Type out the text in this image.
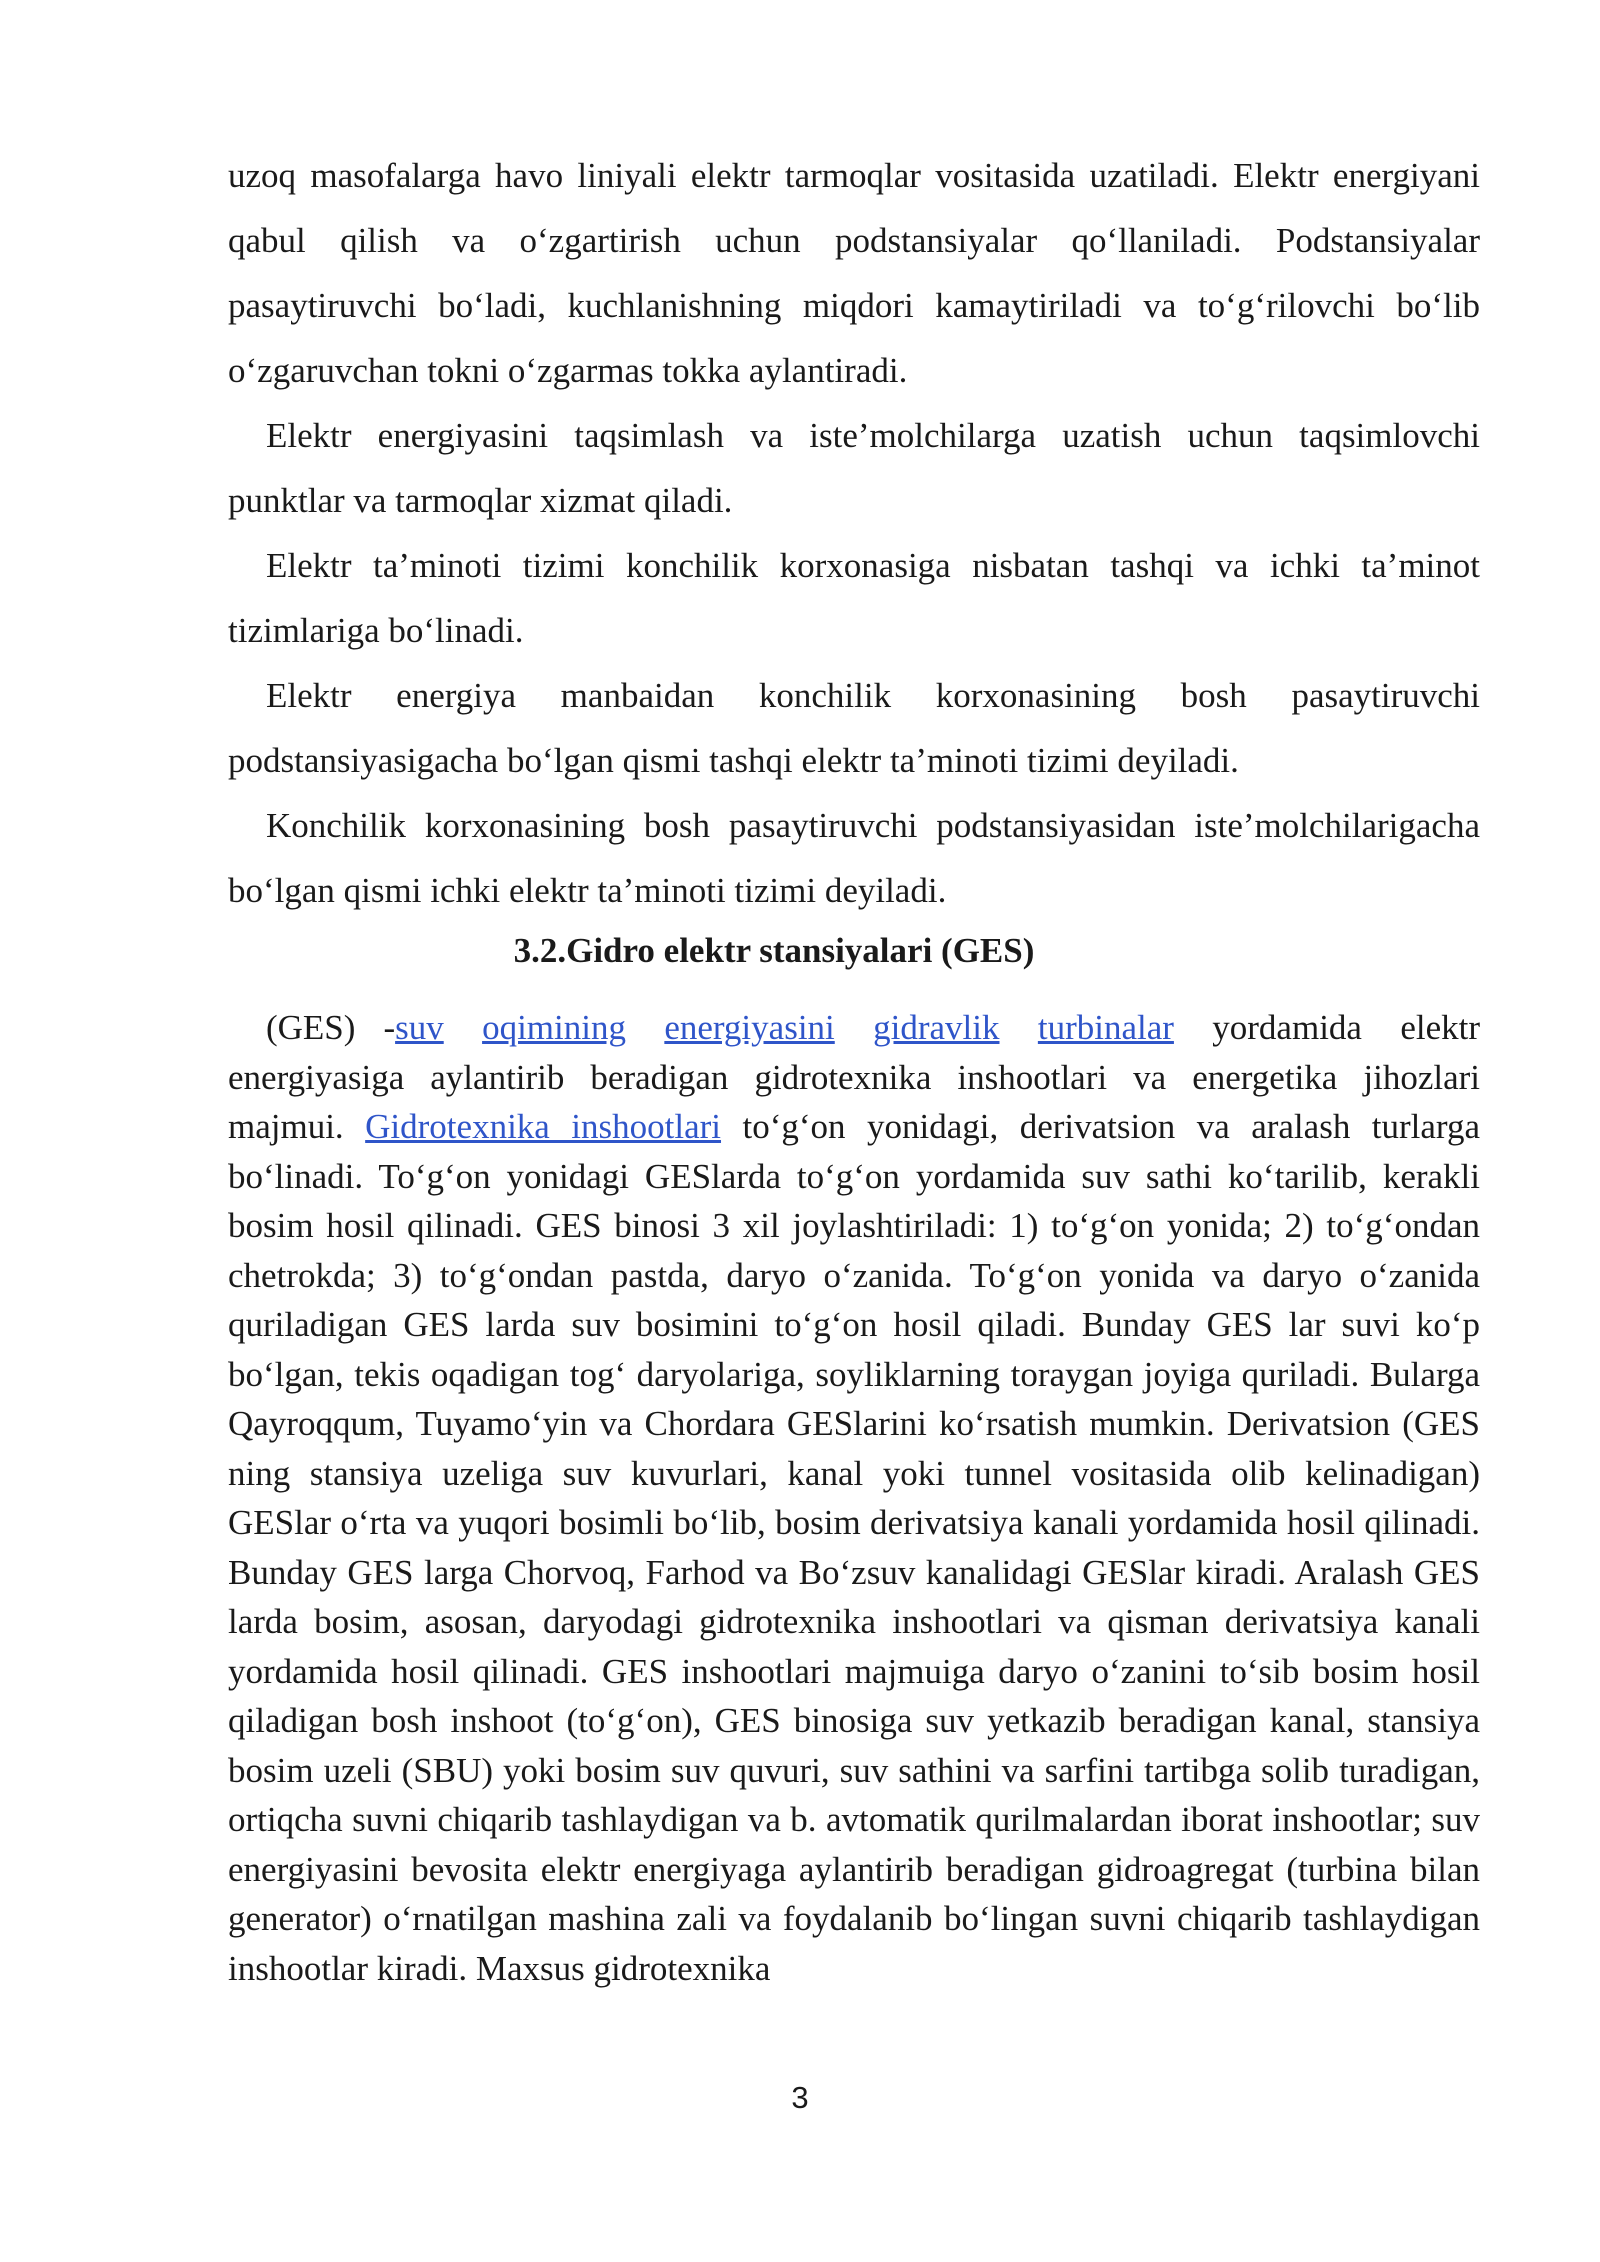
uzoq masofalarga havo liniyali elektr tarmoqlar vositasida uzatiladi. Elektr energiyani qabul qilish va o‘zgartirish uchun podstansiyalar qo‘llaniladi. Podstansiyalar pasaytiruvchi bo‘ladi, kuchlanishning miqdori kamaytiriladi va to‘g‘rilovchi bo‘lib o‘zgaruvchan tokni o‘zgarmas tokka aylantiradi.

Elektr energiyasini taqsimlash va iste’molchilarga uzatish uchun taqsimlovchi punktlar va tarmoqlar xizmat qiladi.

Elektr ta’minoti tizimi konchilik korxonasiga nisbatan tashqi va ichki ta’minot tizimlariga bo‘linadi.

Elektr energiya manbaidan konchilik korxonasining bosh pasaytiruvchi podstansiyasigacha bo‘lgan qismi tashqi elektr ta’minoti tizimi deyiladi.

Konchilik korxonasining bosh pasaytiruvchi podstansiyasidan iste’molchilarigacha bo‘lgan qismi ichki elektr ta’minoti tizimi deyiladi.

3.2.Gidro elektr stansiyalari (GES)

(GES) -suv oqimining energiyasini gidravlik turbinalar yordamida elektr energiyasiga aylantirib beradigan gidrotexnika inshootlari va energetika jihozlari majmui. Gidrotexnika inshootlari to‘g‘on yonidagi, derivatsion va aralash turlarga bo‘linadi. To‘g‘on yonidagi GESlarda to‘g‘on yordamida suv sathi ko‘tarilib, kerakli bosim hosil qilinadi. GES binosi 3 xil joylashtiriladi: 1) to‘g‘on yonida; 2) to‘g‘ondan chetrokda; 3) to‘g‘ondan pastda, daryo o‘zanida. To‘g‘on yonida va daryo o‘zanida quriladigan GES larda suv bosimini to‘g‘on hosil qiladi. Bunday GES lar suvi ko‘p bo‘lgan, tekis oqadigan tog‘ daryolariga, soyliklarning toraygan joyiga quriladi. Bularga Qayroqqum, Tuyamo‘yin va Chordara GESlarini ko‘rsatish mumkin. Derivatsion (GES ning stansiya uzeliga suv kuvurlari, kanal yoki tunnel vositasida olib kelinadigan) GESlar o‘rta va yuqori bosimli bo‘lib, bosim derivatsiya kanali yordamida hosil qilinadi. Bunday GES larga Chorvoq, Farhod va Bo‘zsuv kanalidagi GESlar kiradi. Aralash GES larda bosim, asosan, daryodagi gidrotexnika inshootlari va qisman derivatsiya kanali yordamida hosil qilinadi. GES inshootlari majmuiga daryo o‘zanini to‘sib bosim hosil qiladigan bosh inshoot (to‘g‘on), GES binosiga suv yetkazib beradigan kanal, stansiya bosim uzeli (SBU) yoki bosim suv quvuri, suv sathini va sarfini tartibga solib turadigan, ortiqcha suvni chiqarib tashlaydigan va b. avtomatik qurilmalardan iborat inshootlar; suv energiyasini bevosita elektr energiyaga aylantirib beradigan gidroagregat (turbina bilan generator) o‘rnatilgan mashina zali va foydalanib bo‘lingan suvni chiqarib tashlaydigan inshootlar kiradi. Maxsus gidrotexnika

3
